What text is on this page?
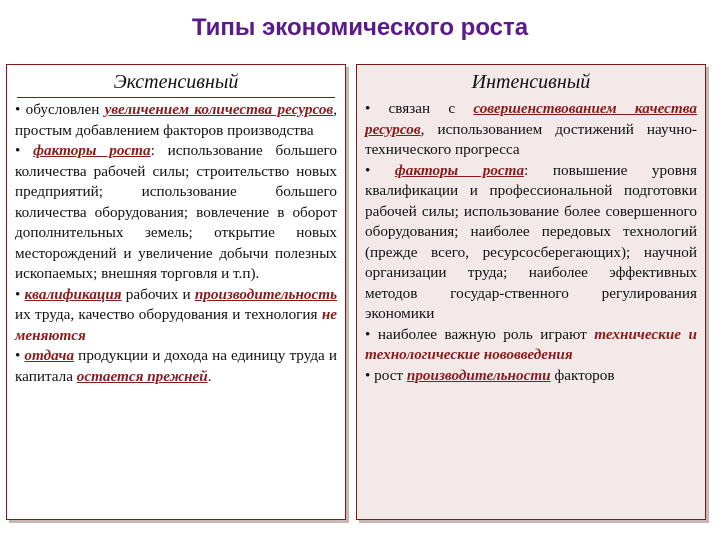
Типы экономического роста
Экстенсивный
• обусловлен увеличением количества ресурсов, простым добавлением факторов производства
• факторы роста: использование большего количества рабочей силы; строительство новых предприятий; использование большего количества оборудования; вовлечение в оборот дополнительных земель; открытие новых месторождений и увеличение добычи полезных ископаемых; внешняя торговля и т.п).
• квалификация рабочих и производительность их труда, качество оборудования и технология не меняются
• отдача продукции и дохода на единицу труда и капитала остается прежней.
Интенсивный
• связан с совершенствованием качества ресурсов, использованием достижений научно-технического прогресса
• факторы роста: повышение уровня квалификации и профессиональной подготовки рабочей силы; использование более совершенного оборудования; наиболее передовых технологий (прежде всего, ресурсосберегающих); научной организации труда; наиболее эффективных методов государ-ственного регулирования экономики
• наиболее важную роль играют технические и технологические нововведения
• рост производительности факторов
